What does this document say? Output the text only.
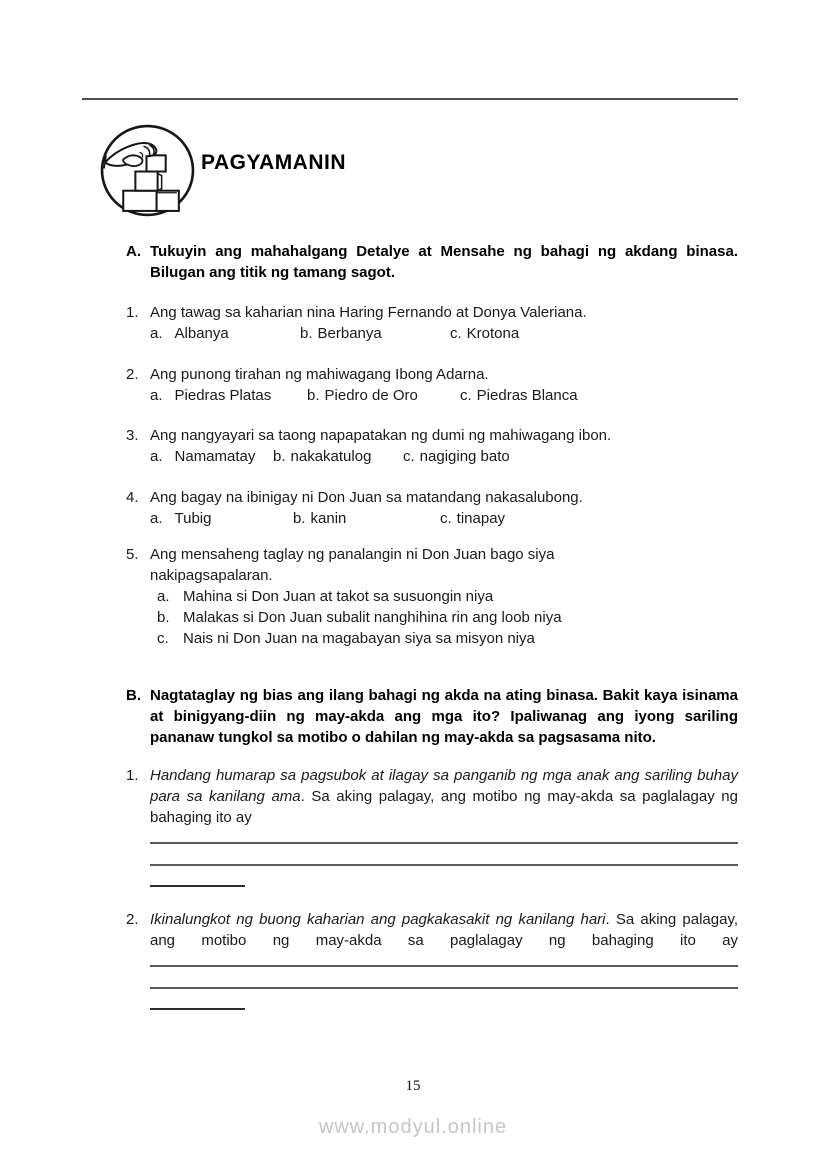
PAGYAMANIN
A. Tukuyin ang mahahalgang Detalye at Mensahe ng bahagi ng akdang binasa. Bilugan ang titik ng tamang sagot.
1. Ang tawag sa kaharian nina Haring Fernando at Donya Valeriana.

a. Albanya	b. Berbanya	c. Krotona
2. Ang punong tirahan ng mahiwagang Ibong Adarna.

a. Piedras Platas	b. Piedro de Oro	c. Piedras Blanca
3. Ang nangyayari sa taong napapatakan ng dumi ng mahiwagang ibon.

a. Namamatay	b. nakakatulog	c. nagiging bato
4. Ang bagay na ibinigay ni Don Juan sa matandang nakasalubong.

a. Tubig	b. kanin	c. tinapay
5. Ang mensaheng taglay ng panalangin ni Don Juan bago siya nakipagsapalaran.

a. Mahina si Don Juan at takot sa susuongin niya
b. Malakas si Don Juan subalit nanghihina rin ang loob niya
c. Nais ni Don Juan na magabayan siya sa misyon niya
B. Nagtataglay ng bias ang ilang bahagi ng akda na ating binasa. Bakit kaya isinama at binigyang-diin ng may-akda ang mga ito? Ipaliwanag ang iyong sariling pananaw tungkol sa motibo o dahilan ng may-akda sa pagsasama nito.
1. Handang humarap sa pagsubok at ilagay sa panganib ng mga anak ang sariling buhay para sa kanilang ama. Sa aking palagay, ang motibo ng may-akda sa paglalagay ng bahaging ito ay

2. Ikinalungkot ng buong kaharian ang pagkakasakit ng kanilang hari. Sa aking palagay, ang motibo ng may-akda sa paglalagay ng bahaging ito ay

15
www.modyul.online
